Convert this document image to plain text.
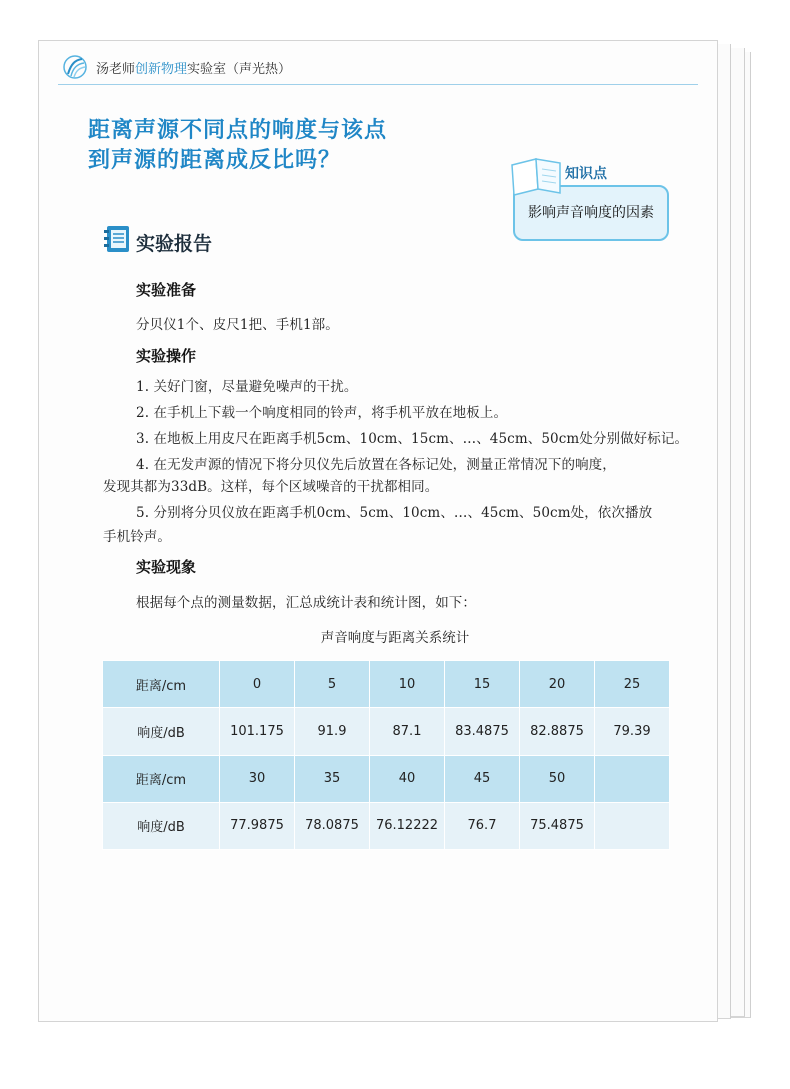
汤老师创新物理实验室（声光热）
距离声源不同点的响度与该点
到声源的距离成反比吗？
影响声音响度的因素
知识点
实验报告
实验准备
分贝仪1个、皮尺1把、手机1部。
实验操作
1. 关好门窗，尽量避免噪声的干扰。
2. 在手机上下载一个响度相同的铃声，将手机平放在地板上。
3. 在地板上用皮尺在距离手机5cm、10cm、15cm、…、45cm、50cm处分别做好标记。
4. 在无发声源的情况下将分贝仪先后放置在各标记处，测量正常情况下的响度，
发现其都为33dB。这样，每个区域噪音的干扰都相同。
5. 分别将分贝仪放在距离手机0cm、5cm、10cm、…、45cm、50cm处，依次播放
手机铃声。
实验现象
根据每个点的测量数据，汇总成统计表和统计图，如下：
声音响度与距离关系统计
距离/cm	0	5	10	15	20	25
响度/dB	101.175	91.9	87.1	83.4875	82.8875	79.39
距离/cm	30	35	40	45	50	
响度/dB	77.9875	78.0875	76.12222	76.7	75.4875	
